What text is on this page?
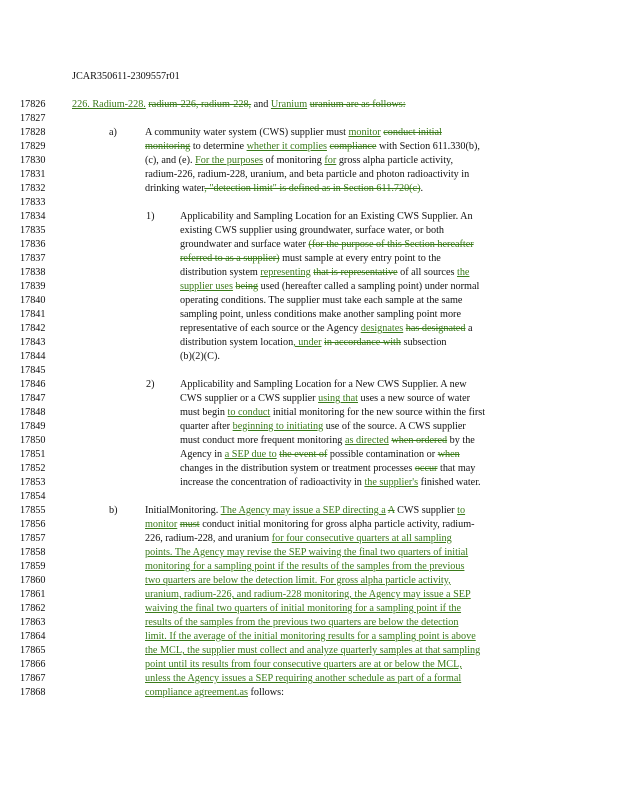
JCAR350611-2309557r01
17826
17827
17828
17829
17830
17831
17832
17833
17834
17835
17836
17837
17838
17839
17840
17841
17842
17843
17844
17845
17846
17847
17848
17849
17850
17851
17852
17853
17854
17855
17856
17857
17858
17859
17860
17861
17862
17863
17864
17865
17866
17867
17868
a)
1)
2)
b)
226. Radium-228. radium-226, radium-228, and Uranium uranium are as follows:
A community water system (CWS) supplier must monitor conduct initial
monitoring to determine whether it complies compliance with Section 611.330(b),
(c), and (e). For the purposes of monitoring for gross alpha particle activity,
radium-226, radium-228, uranium, and beta particle and photon radioactivity in
drinking water, "detection limit" is defined as in Section 611.720(c).
Applicability and Sampling Location for an Existing CWS Supplier. An
existing CWS supplier using groundwater, surface water, or both
groundwater and surface water (for the purpose of this Section hereafter
referred to as a supplier) must sample at every entry point to the
distribution system representing that is representative of all sources the
supplier uses being used (hereafter called a sampling point) under normal
operating conditions. The supplier must take each sample at the same
sampling point, unless conditions make another sampling point more
representative of each source or the Agency designates has designated a
distribution system location, under in accordance with subsection
(b)(2)(C).
Applicability and Sampling Location for a New CWS Supplier. A new
CWS supplier or a CWS supplier using that uses a new source of water
must begin to conduct initial monitoring for the new source within the first
quarter after beginning to initiating use of the source. A CWS supplier
must conduct more frequent monitoring as directed when ordered by the
Agency in a SEP due to the event of possible contamination or when
changes in the distribution system or treatment processes occur that may
increase the concentration of radioactivity in the supplier's finished water.
InitialMonitoring. The Agency may issue a SEP directing a A CWS supplier to
monitor must conduct initial monitoring for gross alpha particle activity, radium-
226, radium-228, and uranium for four consecutive quarters at all sampling
points. The Agency may revise the SEP waiving the final two quarters of initial
monitoring for a sampling point if the results of the samples from the previous
two quarters are below the detection limit. For gross alpha particle activity,
uranium, radium-226, and radium-228 monitoring, the Agency may issue a SEP
waiving the final two quarters of initial monitoring for a sampling point if the
results of the samples from the previous two quarters are below the detection
limit. If the average of the initial monitoring results for a sampling point is above
the MCL, the supplier must collect and analyze quarterly samples at that sampling
point until its results from four consecutive quarters are at or below the MCL,
unless the Agency issues a SEP requiring another schedule as part of a formal
compliance agreement.as follows:
